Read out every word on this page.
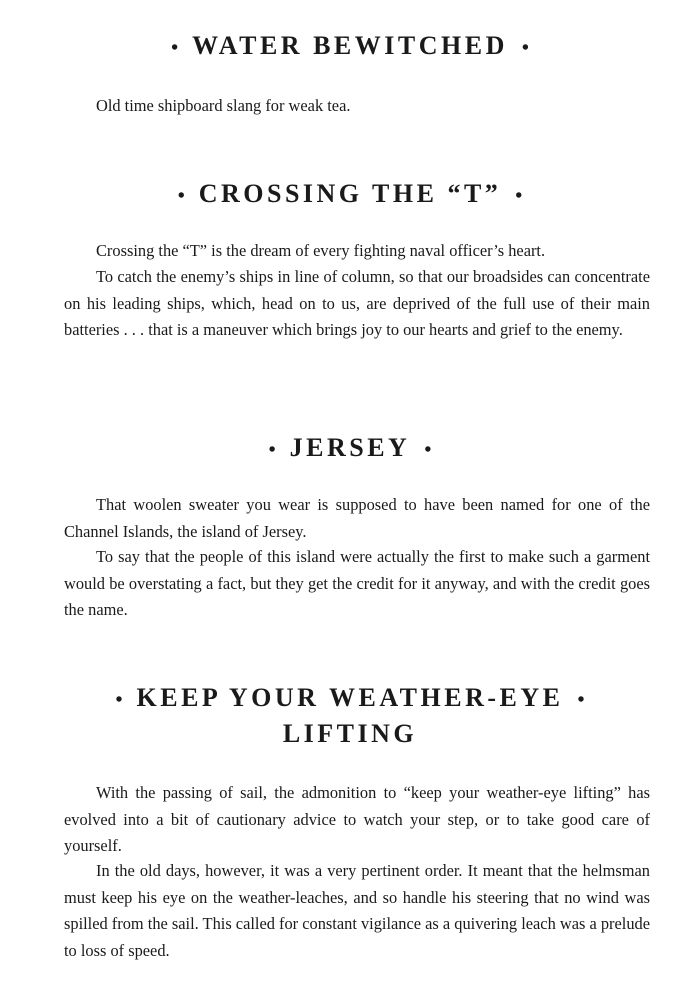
• WATER BEWITCHED •

Old time shipboard slang for weak tea.

• CROSSING THE “T” •

Crossing the “T” is the dream of every fighting naval officer’s heart.

To catch the enemy’s ships in line of column, so that our broadsides can concentrate on his leading ships, which, head on to us, are deprived of the full use of their main batteries . . . that is a maneuver which brings joy to our hearts and grief to the enemy.

• JERSEY •

That woolen sweater you wear is supposed to have been named for one of the Channel Islands, the island of Jersey.

To say that the people of this island were actually the first to make such a garment would be overstating a fact, but they get the credit for it anyway, and with the credit goes the name.

• KEEP YOUR WEATHER-EYE •
LIFTING

With the passing of sail, the admonition to “keep your weather-eye lifting” has evolved into a bit of cautionary advice to watch your step, or to take good care of yourself.

In the old days, however, it was a very pertinent order. It meant that the helmsman must keep his eye on the weather-leaches, and so handle his steering that no wind was spilled from the sail. This called for constant vigilance as a quivering leach was a prelude to loss of speed.
